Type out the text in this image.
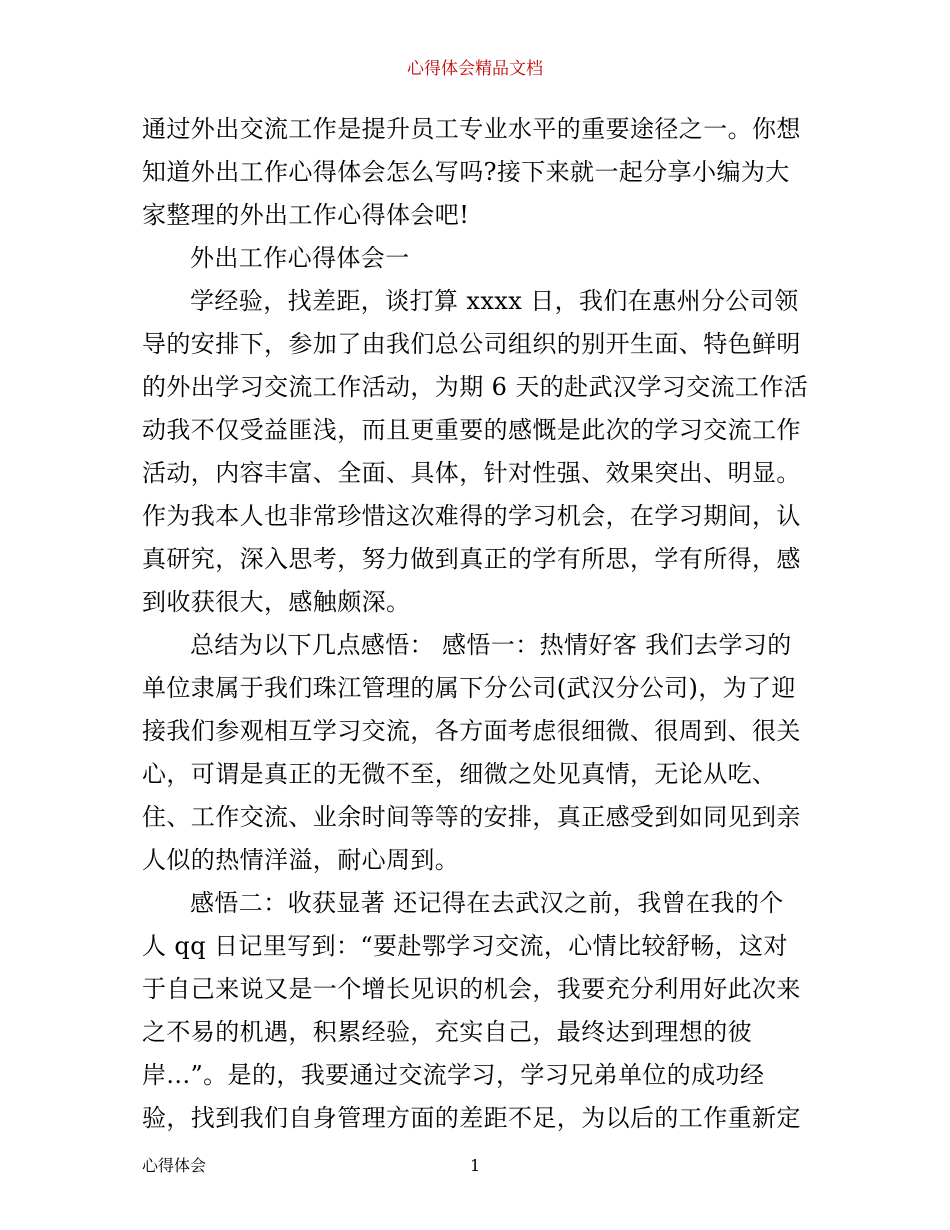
心得体会精品文档
通过外出交流工作是提升员工专业水平的重要途径之一。你想
知道外出工作心得体会怎么写吗?接下来就一起分享小编为大
家整理的外出工作心得体会吧!
外出工作心得体会一
学经验，找差距，谈打算 xxxx 日，我们在惠州分公司领
导的安排下，参加了由我们总公司组织的别开生面、特色鲜明
的外出学习交流工作活动，为期 6 天的赴武汉学习交流工作活
动我不仅受益匪浅，而且更重要的感慨是此次的学习交流工作
活动，内容丰富、全面、具体，针对性强、效果突出、明显。
作为我本人也非常珍惜这次难得的学习机会，在学习期间，认
真研究，深入思考，努力做到真正的学有所思，学有所得，感
到收获很大，感触颇深。
总结为以下几点感悟： 感悟一：热情好客 我们去学习的
单位隶属于我们珠江管理的属下分公司(武汉分公司)，为了迎
接我们参观相互学习交流，各方面考虑很细微、很周到、很关
心，可谓是真正的无微不至，细微之处见真情，无论从吃、
住、工作交流、业余时间等等的安排，真正感受到如同见到亲
人似的热情洋溢，耐心周到。
感悟二：收获显著 还记得在去武汉之前，我曾在我的个
人 qq 日记里写到：“要赴鄂学习交流，心情比较舒畅，这对
于自己来说又是一个增长见识的机会，我要充分利用好此次来
之不易的机遇，积累经验，充实自己，最终达到理想的彼
岸...”。是的，我要通过交流学习，学习兄弟单位的成功经
验，找到我们自身管理方面的差距不足，为以后的工作重新定
心得体会	1
